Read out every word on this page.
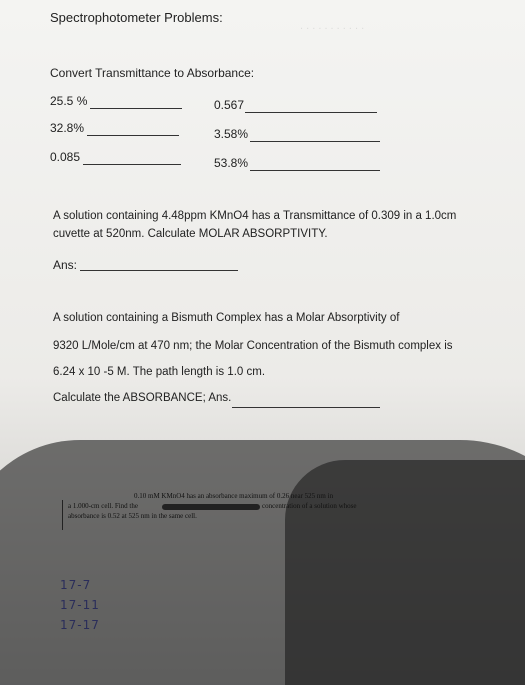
. . . . . . . . . . .
Spectrophotometer Problems:
Convert Transmittance to Absorbance:
25.5 %	0.567
32.8%	3.58%
0.085	53.8%
A solution containing 4.48ppm KMnO4 has a Transmittance of 0.309 in a 1.0cm
cuvette at 520nm. Calculate MOLAR ABSORPTIVITY.
Ans:
A solution containing a Bismuth Complex has a Molar Absorptivity of
9320 L/Mole/cm at 470 nm; the Molar Concentration of the Bismuth complex is
6.24 x 10 -5 M. The path length is 1.0 cm.
Calculate the ABSORBANCE; Ans.
0.10 mM KMnO4 has an absorbance maximum of 0.26 near 525 nm in
a 1.000-cm cell. Find the	concentration of a solution whose
absorbance is 0.52 at 525 nm in the same cell.
17-7
17-11
17-17
